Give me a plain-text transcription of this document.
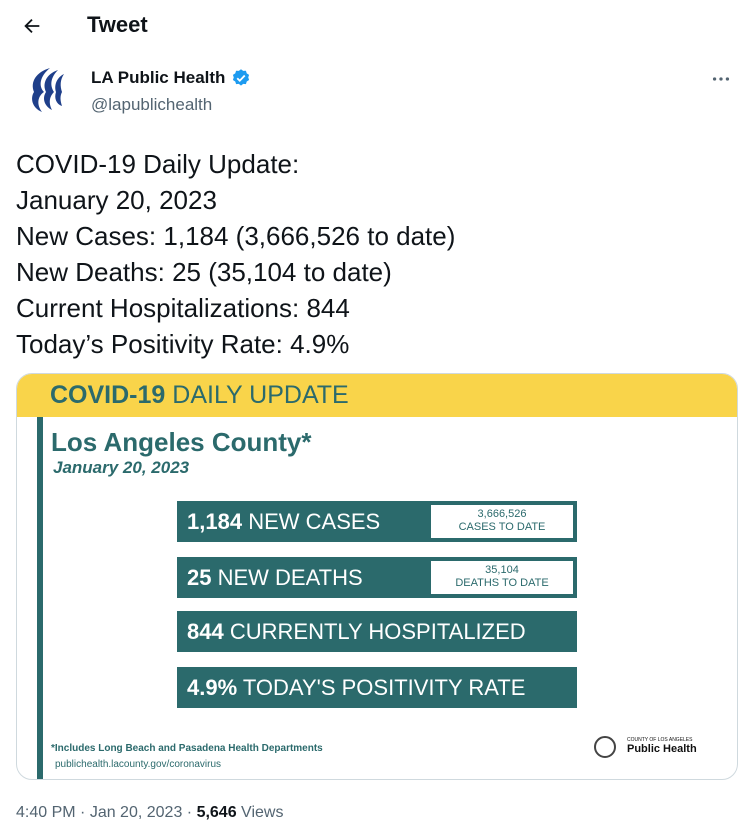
Tweet
LA Public Health
@lapublichealth
COVID-19 Daily Update:
January 20, 2023
New Cases: 1,184 (3,666,526 to date)
New Deaths: 25 (35,104 to date)
Current Hospitalizations: 844
Today’s Positivity Rate: 4.9%
COVID-19 DAILY UPDATE
Los Angeles County*
January 20, 2023
1,184 NEW CASES	3,666,526
CASES TO DATE
25 NEW DEATHS	35,104
DEATHS TO DATE
844 CURRENTLY HOSPITALIZED
4.9% TODAY'S POSITIVITY RATE
*Includes Long Beach and Pasadena Health Departments
publichealth.lacounty.gov/coronavirus
COUNTY OF LOS ANGELES
Public Health
4:40 PM · Jan 20, 2023 · 5,646 Views
